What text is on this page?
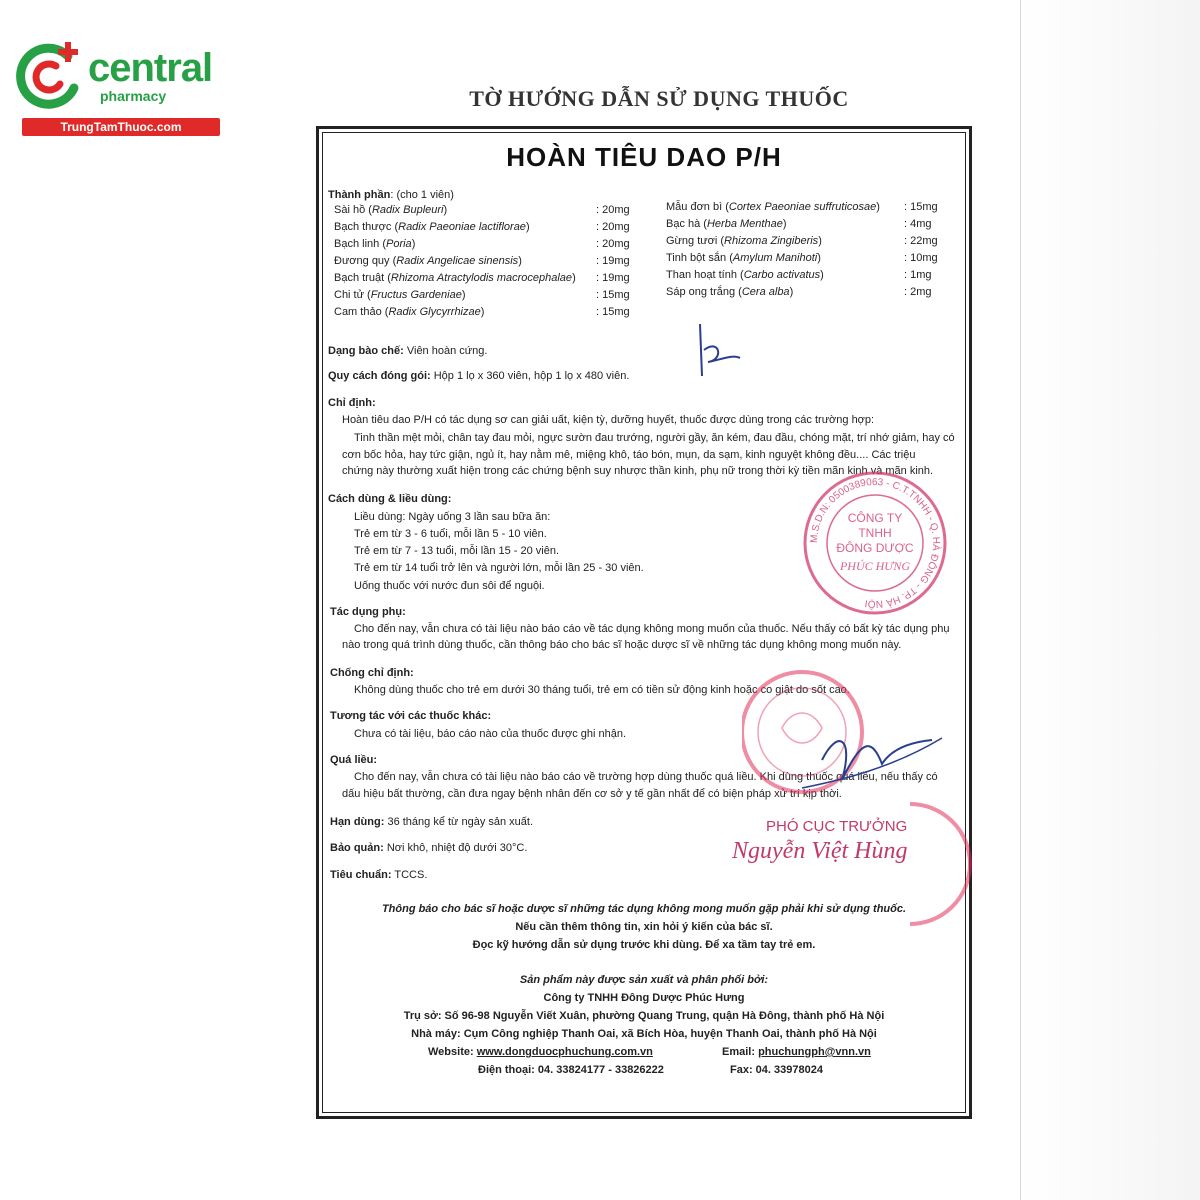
central
pharmacy
TrungTamThuoc.com
TỜ HƯỚNG DẪN SỬ DỤNG THUỐC
HOÀN TIÊU DAO P/H
Thành phần: (cho 1 viên)
Sài hồ (Radix Bupleuri)	: 20mg
Bạch thược (Radix Paeoniae lactiflorae)	: 20mg
Bạch linh (Poria)	: 20mg
Đương quy (Radix Angelicae sinensis)	: 19mg
Bạch truật (Rhizoma Atractylodis macrocephalae) : 19mg
Chi tử (Fructus Gardeniae)	: 15mg
Cam thảo (Radix Glycyrrhizae)	: 15mg
Mẫu đơn bì (Cortex Paeoniae suffruticosae) : 15mg
Bạc hà (Herba Menthae)	: 4mg
Gừng tươi (Rhizoma Zingiberis)	: 22mg
Tinh bột sắn (Amylum Manihoti)	: 10mg
Than hoạt tính (Carbo activatus)	: 1mg
Sáp ong trắng (Cera alba)	: 2mg
Dạng bào chế: Viên hoàn cứng.
Quy cách đóng gói: Hộp 1 lọ x 360 viên, hộp 1 lọ x 480 viên.
Chỉ định:
Hoàn tiêu dao P/H có tác dụng sơ can giải uất, kiện tỳ, dưỡng huyết, thuốc được dùng trong các trường hợp:
Tinh thần mệt mỏi, chân tay đau mỏi, ngực sườn đau trướng, người gầy, ăn kém, đau đầu, chóng mặt, trí nhớ giảm, hay có
cơn bốc hỏa, hay tức giận, ngủ ít, hay nằm mê, miệng khô, táo bón, mụn, da sạm, kinh nguyệt không đều.... Các triệu
chứng này thường xuất hiện trong các chứng bệnh suy nhược thần kinh, phụ nữ trong thời kỳ tiền mãn kinh và mãn kinh.
Cách dùng & liều dùng:
Liều dùng: Ngày uống 3 lần sau bữa ăn:
Trẻ em từ 3 - 6 tuổi, mỗi lần 5 - 10 viên.
Trẻ em từ 7 - 13 tuổi, mỗi lần 15 - 20 viên.
Trẻ em từ 14 tuổi trở lên và người lớn, mỗi lần 25 - 30 viên.
Uống thuốc với nước đun sôi để nguội.
Tác dụng phụ:
Cho đến nay, vẫn chưa có tài liệu nào báo cáo về tác dụng không mong muốn của thuốc. Nếu thấy có bất kỳ tác dụng phụ
nào trong quá trình dùng thuốc, cần thông báo cho bác sĩ hoặc dược sĩ về những tác dụng không mong muốn này.
Chống chỉ định:
Không dùng thuốc cho trẻ em dưới 30 tháng tuổi, trẻ em có tiền sử động kinh hoặc co giật do sốt cao.
Tương tác với các thuốc khác:
Chưa có tài liệu, báo cáo nào của thuốc được ghi nhận.
Quá liều:
Cho đến nay, vẫn chưa có tài liệu nào báo cáo về trường hợp dùng thuốc quá liều. Khi dùng thuốc quá liều, nếu thấy có
dấu hiệu bất thường, cần đưa ngay bệnh nhân đến cơ sở y tế gần nhất để có biện pháp xử trí kịp thời.
Hạn dùng: 36 tháng kể từ ngày sản xuất.
Bảo quản: Nơi khô, nhiệt độ dưới 30°C.
Tiêu chuẩn: TCCS.
Thông báo cho bác sĩ hoặc dược sĩ những tác dụng không mong muốn gặp phải khi sử dụng thuốc.
Nếu cần thêm thông tin, xin hỏi ý kiến của bác sĩ.
Đọc kỹ hướng dẫn sử dụng trước khi dùng. Để xa tầm tay trẻ em.
Sản phẩm này được sản xuất và phân phối bởi:
Công ty TNHH Đông Dược Phúc Hưng
Trụ sở: Số 96-98 Nguyễn Viết Xuân, phường Quang Trung, quận Hà Đông, thành phố Hà Nội
Nhà máy: Cụm Công nghiệp Thanh Oai, xã Bích Hòa, huyện Thanh Oai, thành phố Hà Nội
Website: www.dongduocphuchung.com.vn	Email: phuchungph@vnn.vn
Điện thoại: 04. 33824177 - 33826222	Fax: 04. 33978024
M.S.D.N: 0500389063 - C.T.TNHH - Q. HÀ ĐÔNG - TP. HÀ NỘI
CÔNG TY
TNHH
ĐÔNG DƯỢC
PHÚC HƯNG
PHÓ CỤC TRƯỞNG
Nguyễn Việt Hùng
